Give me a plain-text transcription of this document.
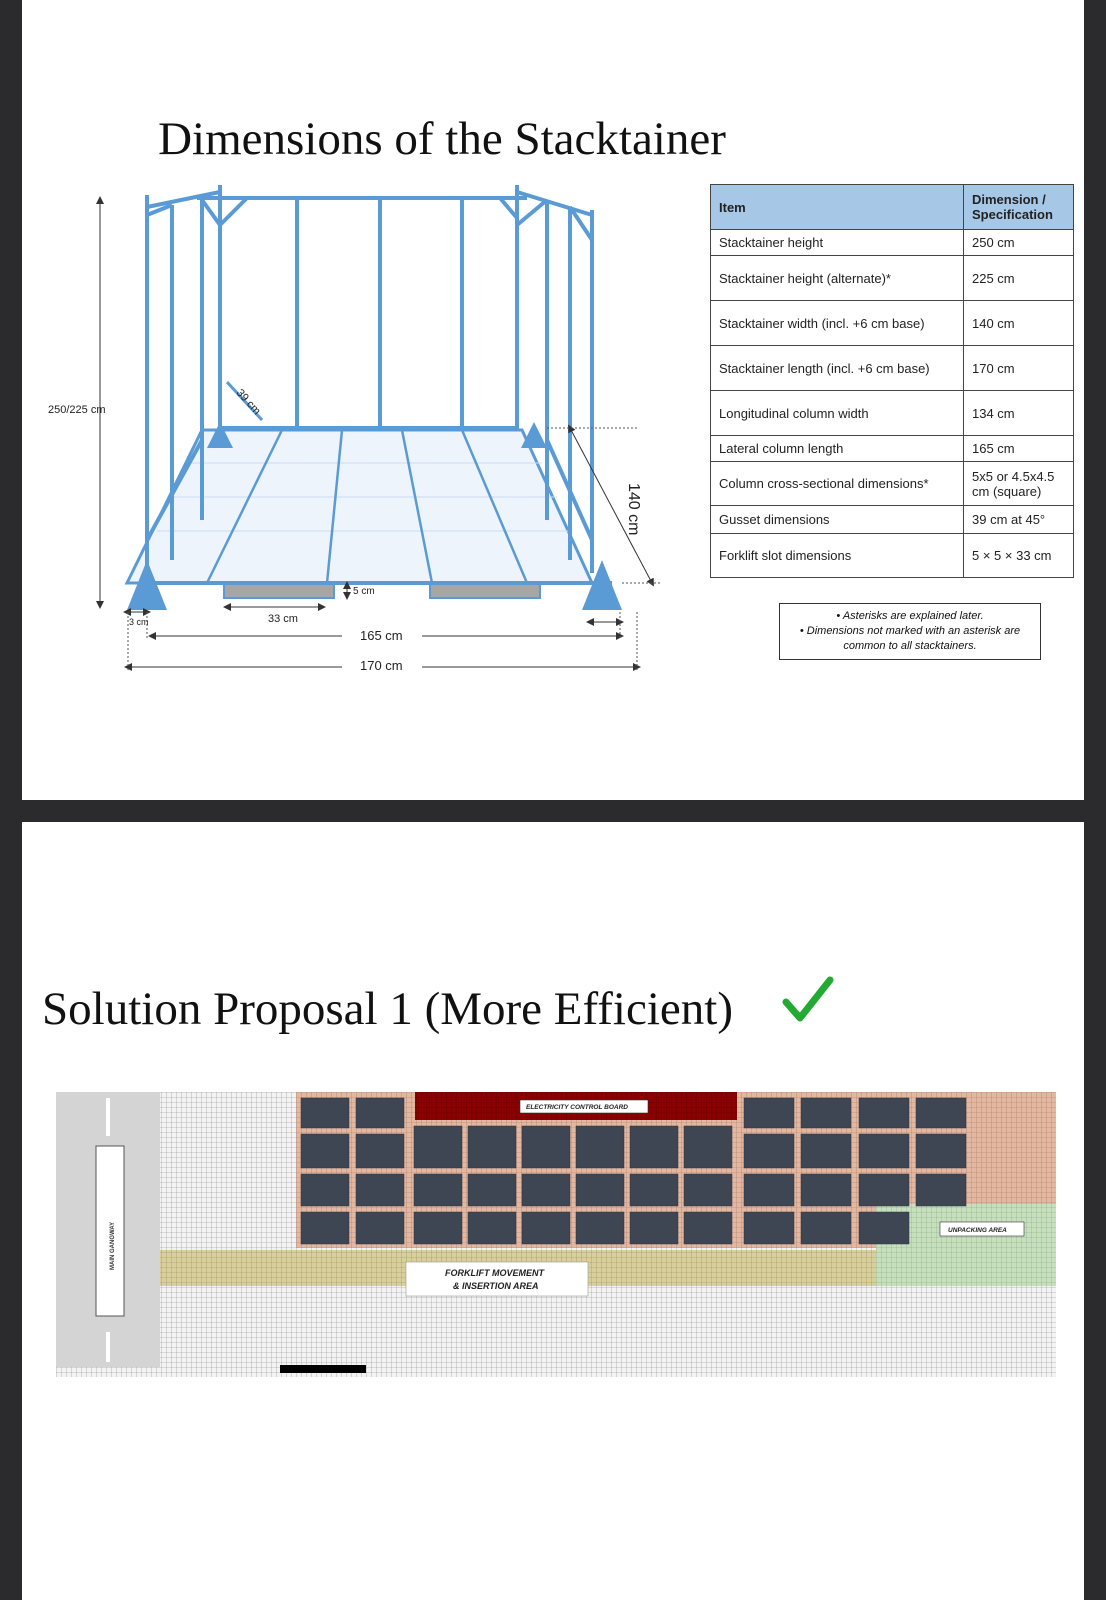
Dimensions of the Stacktainer
250/225 cm	39 cm
140 cm
5 cm
33 cm
3 cm
165 cm
170 cm
Item	Dimension / Specification
Stacktainer height	250 cm
Stacktainer height (alternate)*	225 cm
Stacktainer width (incl. +6 cm base)	140 cm
Stacktainer length (incl. +6 cm base)	170 cm
Longitudinal column width	134 cm
Lateral column length	165 cm
Column cross-sectional dimensions*	5x5 or 4.5x4.5 cm (square)
Gusset dimensions	39 cm at 45°
Forklift slot dimensions	5 × 5 × 33 cm
• Asterisks are explained later.
• Dimensions not marked with an asterisk are common to all stacktainers.
Solution Proposal 1 (More Efficient)
MAIN GANGWAY
ELECTRICITY CONTROL BOARD
UNPACKING AREA
FORKLIFT MOVEMENT & INSERTION AREA
